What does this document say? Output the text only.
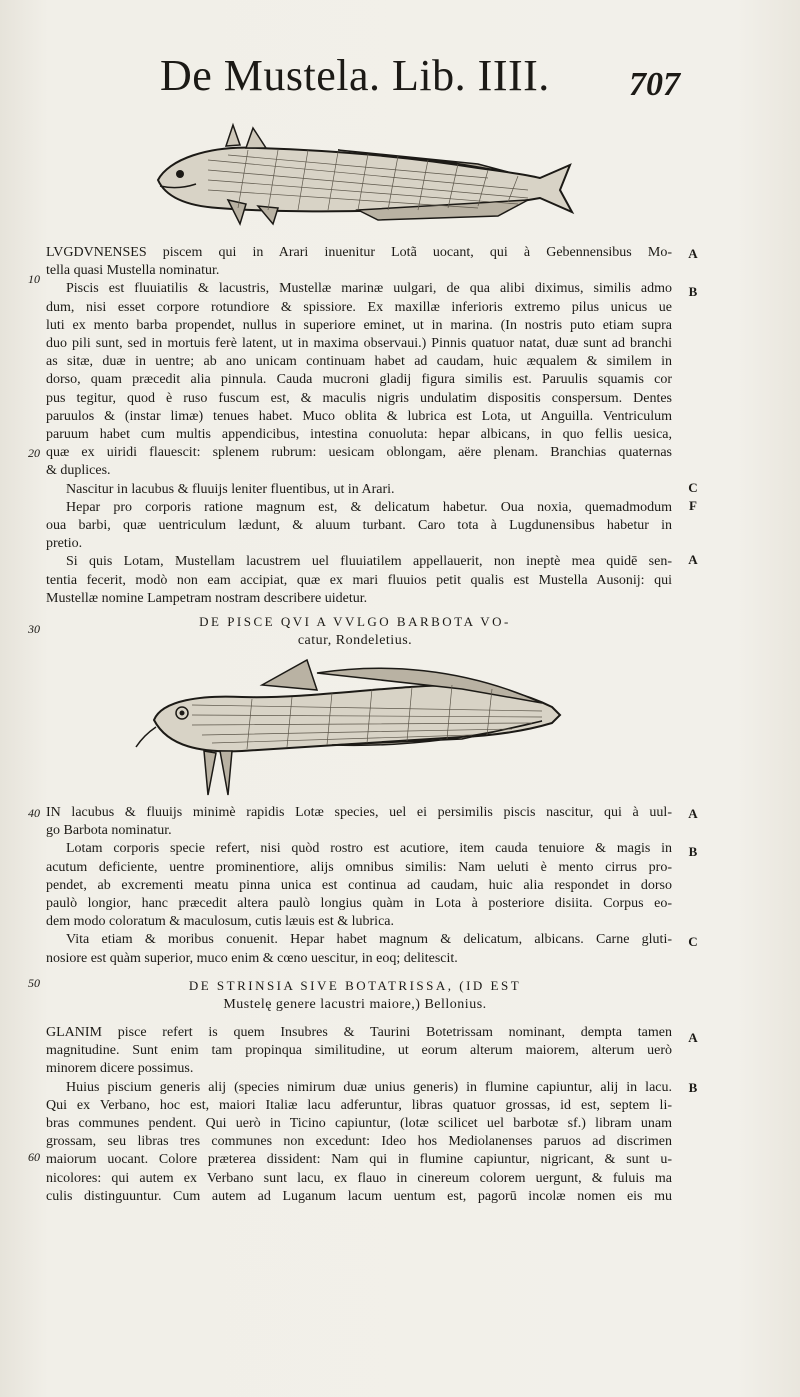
De Mustela. Lib. IIII. 707
LVGDVNENSES piscem qui in Arari inuenitur Lotã uocant, qui à Gebennensibus Mo-
tella quasi Mustella nominatur.
Piscis est fluuiatilis & lacustris, Mustellæ marinæ uulgari, de qua alibi diximus, similis admo
dum, nisi esset corpore rotundiore & spissiore. Ex maxillæ inferioris extremo pilus unicus ue
luti ex mento barba propendet, nullus in superiore eminet, ut in marina. (In nostris puto etiam supra
duo pili sunt, sed in mortuis ferè latent, ut in maxima observaui.) Pinnis quatuor natat, duæ sunt ad branchi
as sitæ, duæ in uentre; ab ano unicam continuam habet ad caudam, huic æqualem & similem in
dorso, quam præcedit alia pinnula. Cauda mucroni gladij figura similis est. Paruulis squamis cor
pus tegitur, quod è ruso fuscum est, & maculis nigris undulatim dispositis conspersum. Dentes
paruulos & (instar limæ) tenues habet. Muco oblita & lubrica est Lota, ut Anguilla. Ventriculum
paruum habet cum multis appendicibus, intestina conuoluta: hepar albicans, in quo fellis uesica,
quæ ex uiridi flauescit: splenem rubrum: uesicam oblongam, aëre plenam. Branchias quaternas
& duplices.
Nascitur in lacubus & fluuijs leniter fluentibus, ut in Arari.
Hepar pro corporis ratione magnum est, & delicatum habetur. Oua noxia, quemadmodum
oua barbi, quæ uentriculum lædunt, & aluum turbant. Caro tota à Lugdunensibus habetur in
pretio.
Si quis Lotam, Mustellam lacustrem uel fluuiatilem appellauerit, non ineptè mea quidē sen-
tentia fecerit, modò non eam accipiat, quæ ex mari fluuios petit qualis est Mustella Ausonij: qui
Mustellæ nomine Lampetram nostram describere uidetur.
DE PISCE QVI A VVLGO BARBOTA VO-
catur, Rondeletius.
IN lacubus & fluuijs minimè rapidis Lotæ species, uel ei persimilis piscis nascitur, qui à uul-
go Barbota nominatur.
Lotam corporis specie refert, nisi quòd rostro est acutiore, item cauda tenuiore & magis in
acutum deficiente, uentre prominentiore, alijs omnibus similis: Nam ueluti è mento cirrus pro-
pendet, ab excrementi meatu pinna unica est continua ad caudam, huic alia respondet in dorso
paulò longior, hanc præcedit altera paulò longius quàm in Lota à posteriore disiita. Corpus eo-
dem modo coloratum & maculosum, cutis læuis est & lubrica.
Vita etiam & moribus conuenit. Hepar habet magnum & delicatum, albicans. Carne gluti-
nosiore est quàm superior, muco enim & cœno uescitur, in eoq; delitescit.
DE STRINSIA SIVE BOTATRISSA, (ID EST
Mustelę genere lacustri maiore,) Bellonius.
GLANIM pisce refert is quem Insubres & Taurini Botetrissam nominant, dempta tamen
magnitudine. Sunt enim tam propinqua similitudine, ut eorum alterum maiorem, alterum uerò
minorem dicere possimus.
Huius piscium generis alij (species nimirum duæ unius generis) in flumine capiuntur, alij in lacu.
Qui ex Verbano, hoc est, maiori Italiæ lacu adferuntur, libras quatuor grossas, id est, septem li-
bras communes pendent. Qui uerò in Ticino capiuntur, (lotæ scilicet uel barbotæ sf.) libram unam
grossam, seu libras tres communes non excedunt: Ideo hos Mediolanenses paruos ad discrimen
maiorum uocant. Colore præterea dissident: Nam qui in flumine capiuntur, nigricant, & sunt u-
nicolores: qui autem ex Verbano sunt lacu, ex flauo in cinereum colorem uergunt, & fuluis ma
culis distinguuntur. Cum autem ad Luganum lacum uentum est, pagorū incolæ nomen eis mu
A
B
C
F
A
A
B
C
A
B
10
20
30
40
50
60
